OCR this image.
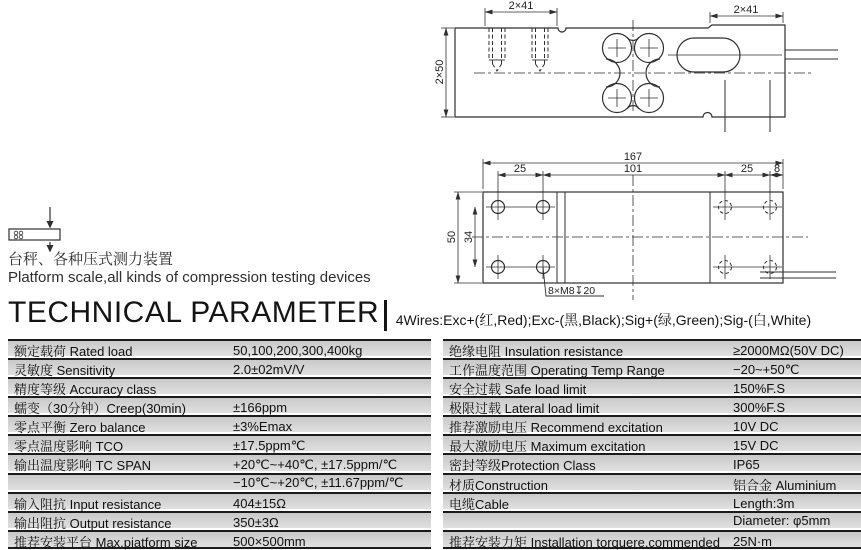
2×41	2×41
2×50
167
25	101	25 8
50 34
8×M8↧20
台秤、各种压式测力装置
Platform scale,all kinds of compression testing devices
TECHNICAL PARAMETER 4Wires:Exc+(红,Red);Exc-(黑,Black);Sig+(绿,Green);Sig-(白,White)
额定载荷 Rated load	50,100,200,300,400kg
灵敏度 Sensitivity	2.0±02mV/V
精度等级 Accuracy class
蠕变（30分钟）Creep(30min)	±166ppm
零点平衡 Zero balance	±3%Emax
零点温度影响 TCO	±17.5ppm℃
输出温度影响 TC SPAN	+20℃~+40℃, ±17.5ppm/℃
−10℃~+20℃, ±11.67ppm/℃
输入阻抗 Input resistance	404±15Ω
输出阻抗 Output resistance	350±3Ω
推荐安装平台 Max.piatform size	500×500mm
绝缘电阻 Insulation resistance	≥2000MΩ(50V DC)
工作温度范围 Operating Temp Range	−20~+50℃
安全过载 Safe load limit	150%F.S
极限过载 Lateral load limit	300%F.S
推荐激励电压 Recommend excitation	10V DC
最大激励电压 Maximum excitation	15V DC
密封等级Protection Class	IP65
材质Construction	铝合金 Aluminium
电缆Cable	Length:3m
Diameter: φ5mm
推荐安装力矩 Installation torquere,commended	25N·m
